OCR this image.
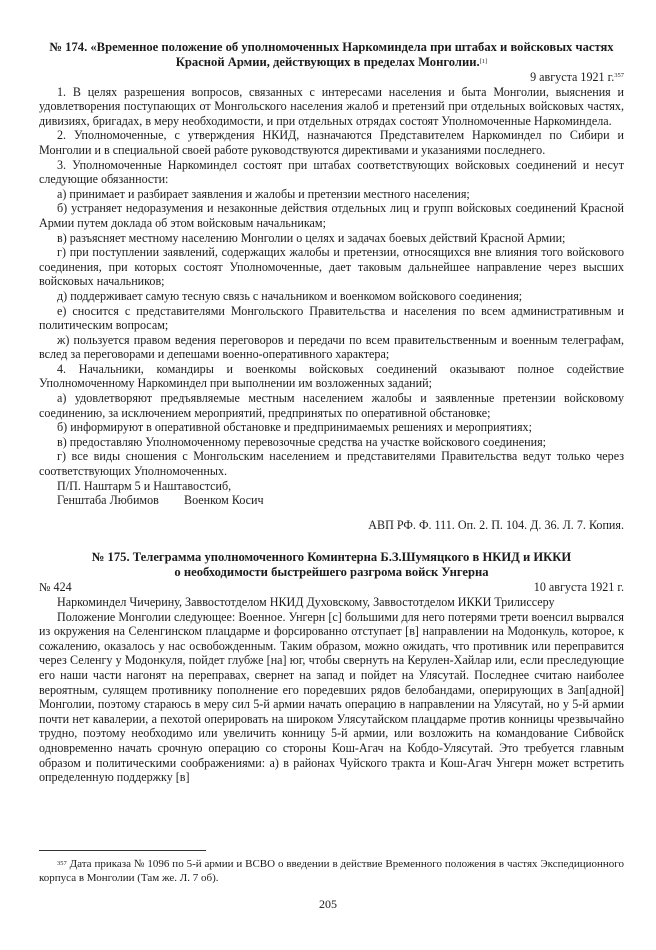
№ 174. «Временное положение об уполномоченных Наркоминдела при штабах и войсковых частях
Красной Армии, действующих в пределах Монголии.[1]

9 августа 1921 г.$^{357}$

1. В целях разрешения вопросов, связанных с интересами населения и быта Монголии, выяснения и удовлетворения поступающих от Монгольского населения жалоб и претензий при отдельных войсковых частях, дивизиях, бригадах, в меру необходимости, и при отдельных отрядах состоят Уполномоченные Наркоминдела.

2. Уполномоченные, с утверждения НКИД, назначаются Представителем Наркоминдел по Сибири и Монголии и в специальной своей работе руководствуются директивами и указаниями последнего.

3. Уполномоченные Наркоминдел состоят при штабах соответствующих войсковых соединений и несут следующие обязанности:

а) принимает и разбирает заявления и жалобы и претензии местного населения;

б) устраняет недоразумения и незаконные действия отдельных лиц и групп войсковых соединений Красной Армии путем доклада об этом войсковым начальникам;

в) разъясняет местному населению Монголии о целях и задачах боевых действий Красной Армии;

г) при поступлении заявлений, содержащих жалобы и претензии, относящихся вне влияния того войскового соединения, при которых состоят Уполномоченные, дает таковым дальнейшее направление через высших войсковых начальников;

д) поддерживает самую тесную связь с начальником и военкомом войскового соединения;

е) сносится с представителями Монгольского Правительства и населения по всем административным и политическим вопросам;

ж) пользуется правом ведения переговоров и передачи по всем правительственным и военным телеграфам, вслед за переговорами и депешами военно-оперативного характера;

4. Начальники, командиры и военкомы войсковых соединений оказывают полное содействие Уполномоченному Наркоминдел при выполнении им возложенных заданий;

а) удовлетворяют предъявляемые местным населением жалобы и заявленные претензии войсковому соединению, за исключением мероприятий, предпринятых по оперативной обстановке;

б) информируют в оперативной обстановке и предпринимаемых решениях и мероприятиях;

в) предоставляю Уполномоченному перевозочные средства на участке войскового соединения;

г) все виды сношения с Монгольским населением и представителями Правительства ведут только через соответствующих Уполномоченных.

П/П. Наштарм 5 и Наштавостсиб,

Генштаба Любимов	Военком Косич

АВП РФ. Ф. 111. Оп. 2. П. 104. Д. 36. Л. 7. Копия.

№ 175. Телеграмма уполномоченного Коминтерна Б.З.Шумяцкого в НКИД и ИККИ
о необходимости быстрейшего разгрома войск Унгерна

№ 424	10 августа 1921 г.

Наркоминдел Чичерину, Заввостотделом НКИД Духовскому, Заввостотделом ИККИ Трилиссеру

Положение Монголии следующее: Военное. Унгерн [с] большими для него потерями трети военсил вырвался из окружения на Селенгинском плацдарме и форсированно отступает [в] направлении на Модонкуль, которое, к сожалению, оказалось у нас освобожденным. Таким образом, можно ожидать, что противник или переправится через Селенгу у Модонкуля, пойдет глубже [на] юг, чтобы свернуть на Керулен-Хайлар или, если преследующие его наши части нагонят на переправах, свернет на запад и пойдет на Улясутай. Последнее считаю наиболее вероятным, сулящем противнику пополнение его поредевших рядов белобандами, оперирующих в Зап[адной] Монголии, поэтому стараюсь в меру сил 5-й армии начать операцию в направлении на Улясутай, но у 5-й армии почти нет кавалерии, а пехотой оперировать на широком Улясутайском плацдарме против конницы чрезвычайно трудно, поэтому необходимо или увеличить конницу 5-й армии, или возложить на командование Сибвойск одновременно начать срочную операцию со стороны Кош-Агач на Кобдо-Улясутай. Это требуется главным образом и политическими соображениями: а) в районах Чуйского тракта и Кош-Агач Унгерн может встретить определенную поддержку [в]

$^{357}$ Дата приказа № 1096 по 5-й армии и ВСВО о введении в действие Временного положения в частях Экспедиционного корпуса в Монголии (Там же. Л. 7 об).

205
